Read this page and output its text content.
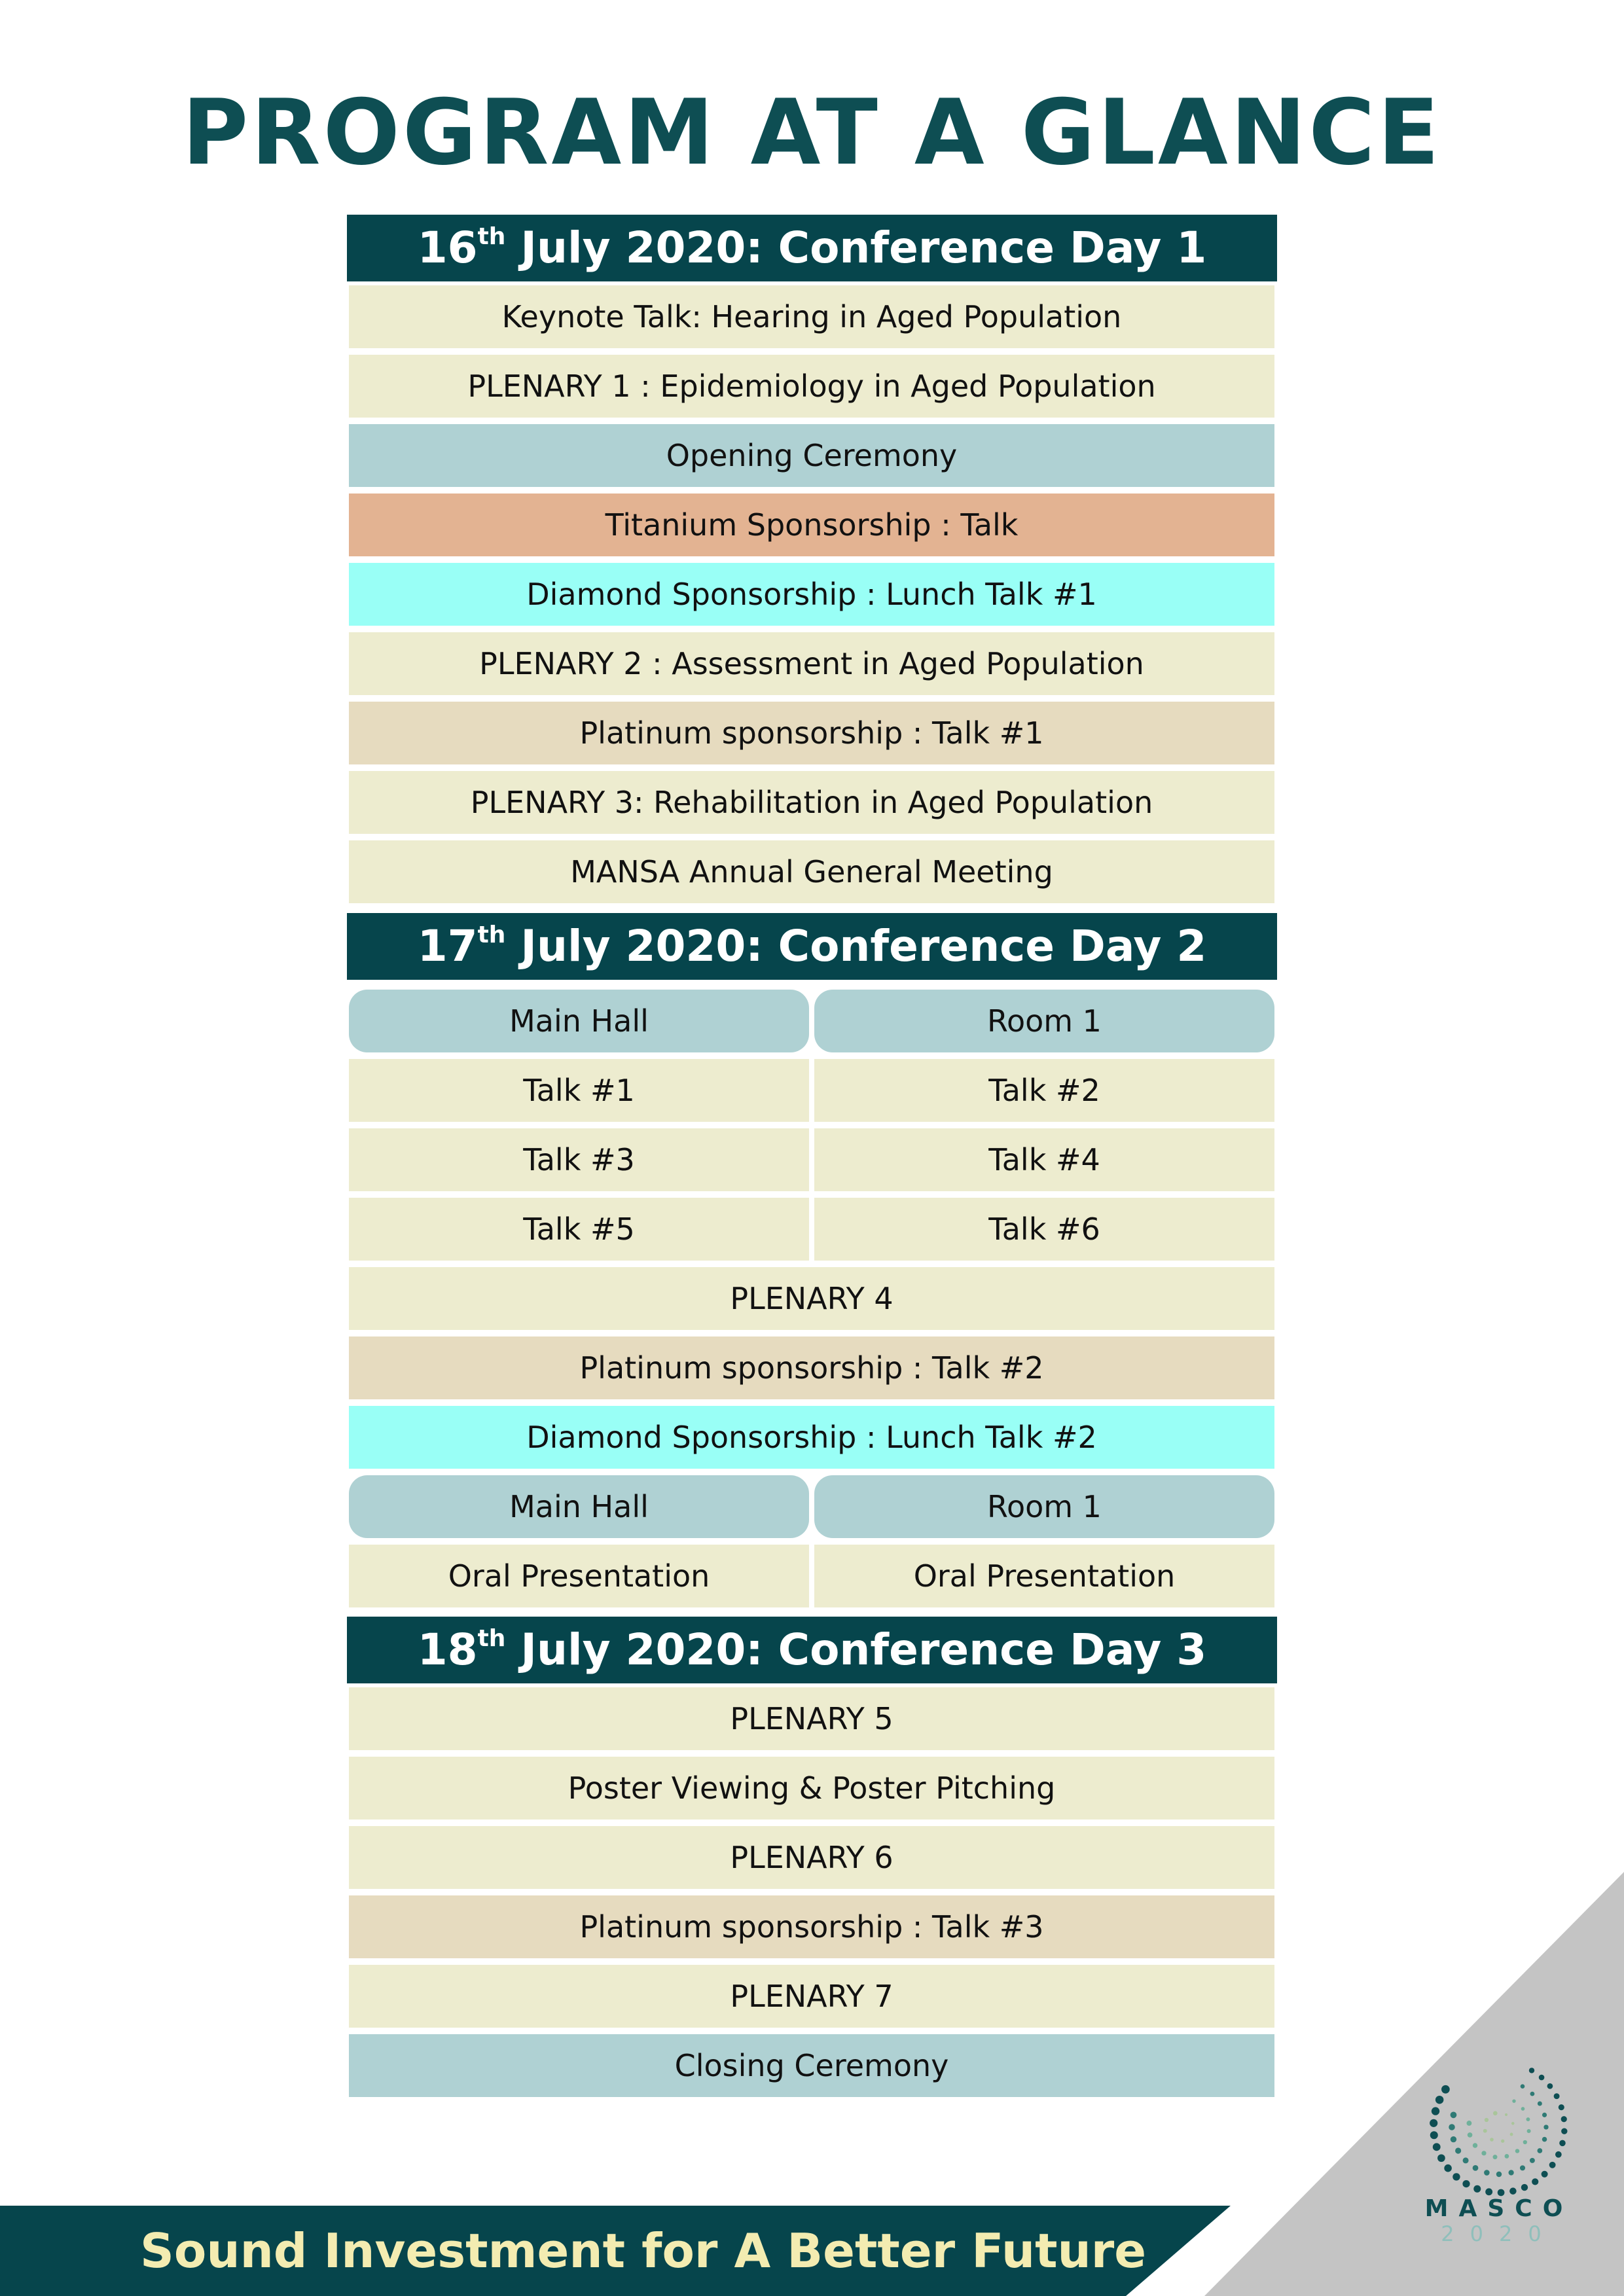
PROGRAM AT A GLANCE
16th July 2020: Conference Day 1
Keynote Talk: Hearing in Aged Population
PLENARY 1 : Epidemiology in Aged Population
Opening Ceremony
Titanium Sponsorship : Talk
Diamond Sponsorship : Lunch Talk #1
PLENARY 2 : Assessment in Aged Population
Platinum sponsorship : Talk #1
PLENARY 3: Rehabilitation in Aged Population
MANSA Annual General Meeting
17th July 2020: Conference Day 2
Main Hall	Room 1
Talk #1	Talk #2
Talk #3	Talk #4
Talk #5	Talk #6
PLENARY 4
Platinum sponsorship : Talk #2
Diamond Sponsorship : Lunch Talk #2
Main Hall	Room 1
Oral Presentation	Oral Presentation
18th July 2020: Conference Day 3
PLENARY 5
Poster Viewing & Poster Pitching
PLENARY 6
Platinum sponsorship : Talk #3
PLENARY 7
Closing Ceremony
Sound Investment for A Better Future
MASCO
2020
